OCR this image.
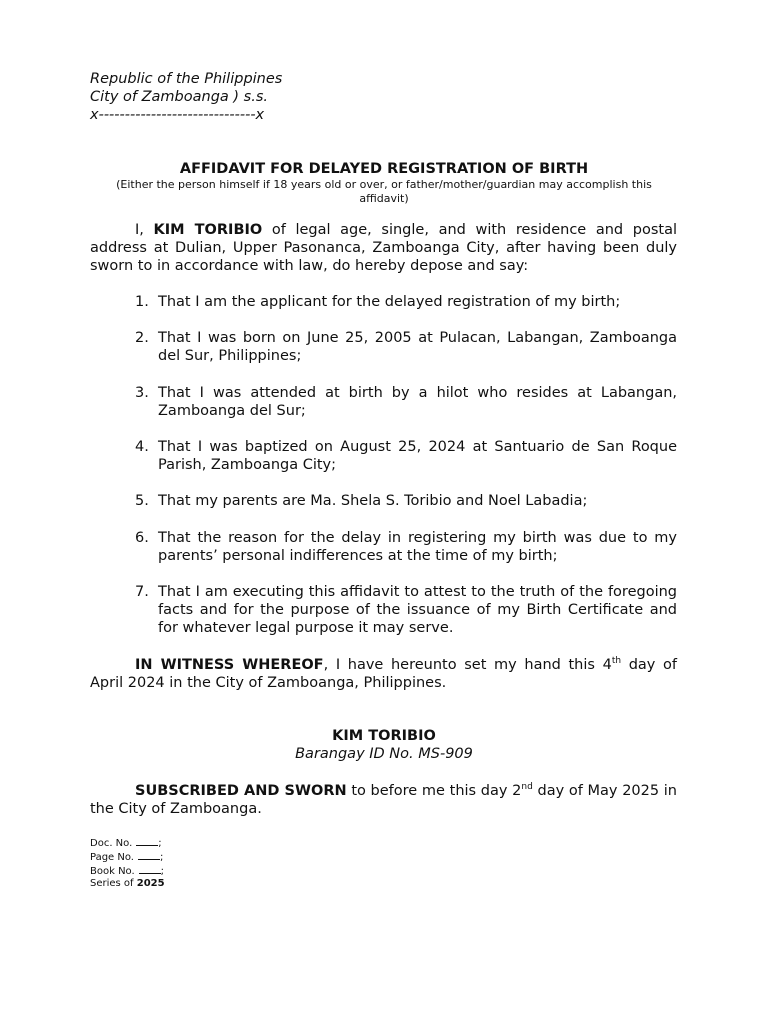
Republic of the Philippines
City of Zamboanga ) s.s.
x------------------------------x
AFFIDAVIT FOR DELAYED REGISTRATION OF BIRTH
(Either the person himself if 18 years old or over, or father/mother/guardian may accomplish this affidavit)
I, KIM TORIBIO of legal age, single, and with residence and postal address at Dulian, Upper Pasonanca, Zamboanga City, after having been duly sworn to in accordance with law, do hereby depose and say:
1. That I am the applicant for the delayed registration of my birth;
2. That I was born on June 25, 2005 at Pulacan, Labangan, Zamboanga del Sur, Philippines;
3. That I was attended at birth by a hilot who resides at Labangan, Zamboanga del Sur;
4. That I was baptized on August 25, 2024 at Santuario de San Roque Parish, Zamboanga City;
5. That my parents are Ma. Shela S. Toribio and Noel Labadia;
6. That the reason for the delay in registering my birth was due to my parents’ personal indifferences at the time of my birth;
7. That I am executing this affidavit to attest to the truth of the foregoing facts and for the purpose of the issuance of my Birth Certificate and for whatever legal purpose it may serve.
IN WITNESS WHEREOF, I have hereunto set my hand this 4th day of April 2024 in the City of Zamboanga, Philippines.
KIM TORIBIO
Barangay ID No. MS-909
SUBSCRIBED AND SWORN to before me this day 2nd day of May 2025 in the City of Zamboanga.
Doc. No.	;
Page No.	;
Book No.	;
Series of 2025
